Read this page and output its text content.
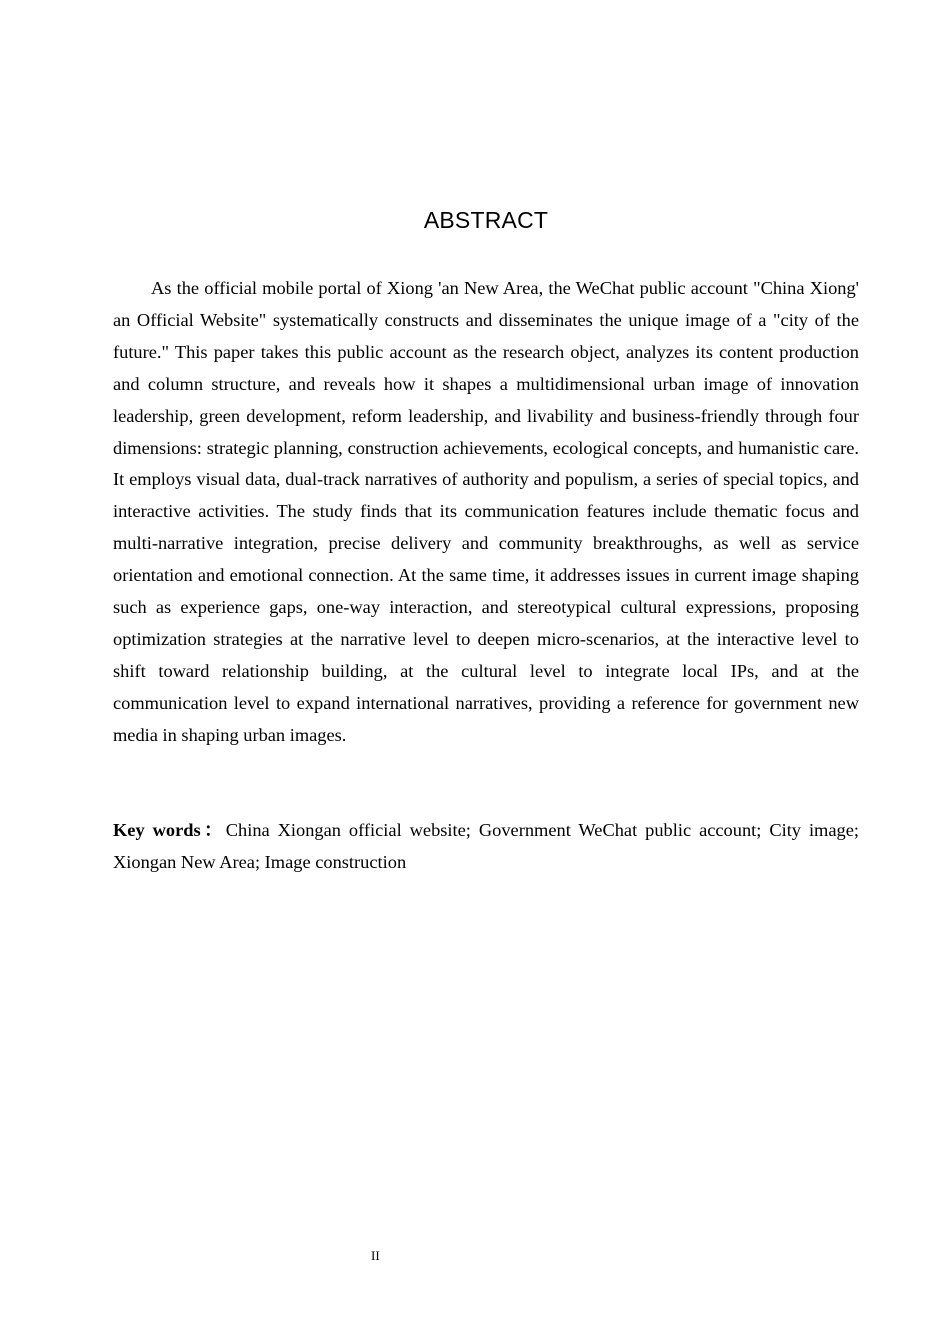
ABSTRACT

As the official mobile portal of Xiong 'an New Area, the WeChat public account "China Xiong' an Official Website" systematically constructs and disseminates the unique image of a "city of the future." This paper takes this public account as the research object, analyzes its content production and column structure, and reveals how it shapes a multidimensional urban image of innovation leadership, green development, reform leadership, and livability and business-friendly through four dimensions: strategic planning, construction achievements, ecological concepts, and humanistic care. It employs visual data, dual-track narratives of authority and populism, a series of special topics, and interactive activities. The study finds that its communication features include thematic focus and multi-narrative integration, precise delivery and community breakthroughs, as well as service orientation and emotional connection. At the same time, it addresses issues in current image shaping such as experience gaps, one-way interaction, and stereotypical cultural expressions, proposing optimization strategies at the narrative level to deepen micro-scenarios, at the interactive level to shift toward relationship building, at the cultural level to integrate local IPs, and at the communication level to expand international narratives, providing a reference for government new media in shaping urban images.

Key words：China Xiongan official website; Government WeChat public account; City image; Xiongan New Area; Image construction

II
